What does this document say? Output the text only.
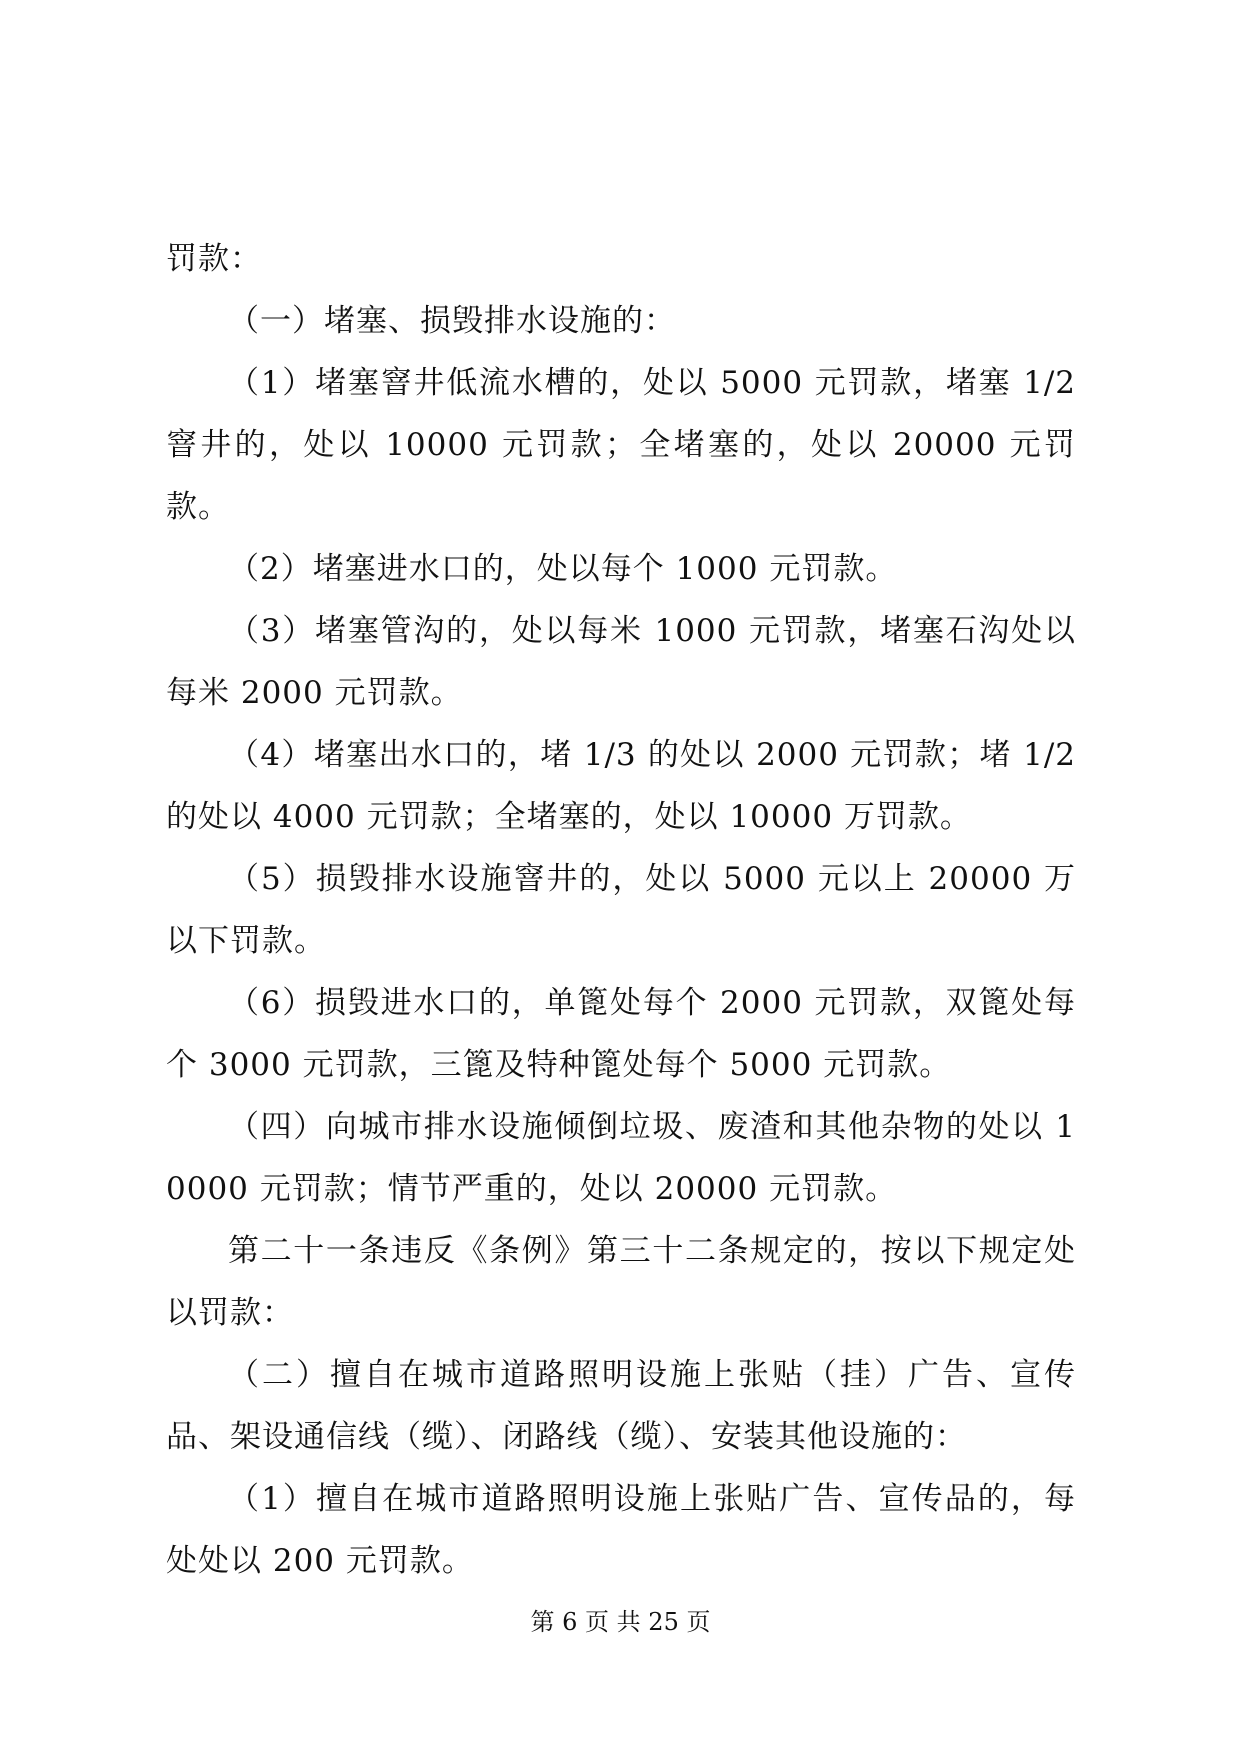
罚款：

（一）堵塞、损毁排水设施的：

（1）堵塞窨井低流水槽的，处以 5000 元罚款，堵塞 1/2 窨井的，处以 10000 元罚款；全堵塞的，处以 20000 元罚款。

（2）堵塞进水口的，处以每个 1000 元罚款。

（3）堵塞管沟的，处以每米 1000 元罚款，堵塞石沟处以每米 2000 元罚款。

（4）堵塞出水口的，堵 1/3 的处以 2000 元罚款；堵 1/2 的处以 4000 元罚款；全堵塞的，处以 10000 万罚款。

（5）损毁排水设施窨井的，处以 5000 元以上 20000 万以下罚款。

（6）损毁进水口的，单篦处每个 2000 元罚款，双篦处每个 3000 元罚款，三篦及特种篦处每个 5000 元罚款。

（四）向城市排水设施倾倒垃圾、废渣和其他杂物的处以 10000 元罚款；情节严重的，处以 20000 元罚款。

第二十一条违反《条例》第三十二条规定的，按以下规定处以罚款：

（二）擅自在城市道路照明设施上张贴（挂）广告、宣传品、架设通信线（缆）、闭路线（缆）、安装其他设施的：

（1）擅自在城市道路照明设施上张贴广告、宣传品的，每处处以 200 元罚款。

第 6 页 共 25 页
